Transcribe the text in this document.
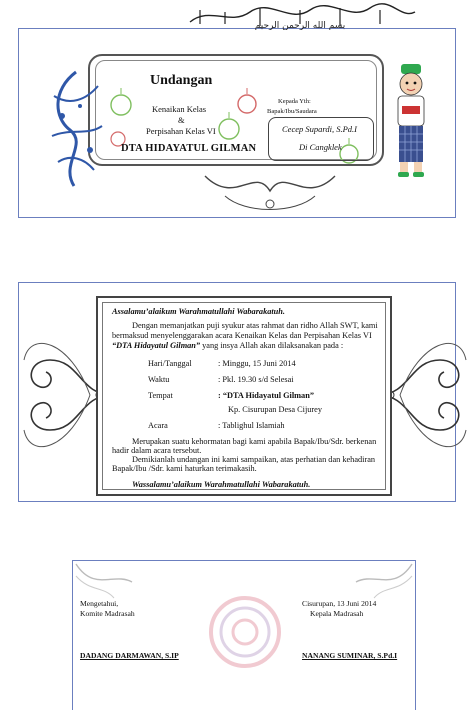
بسم الله الرحمن الرحيم
Undangan
Kenaikan Kelas
&
Perpisahan Kelas VI
DTA HIDAYATUL GILMAN
Kepada Yth:
Bapak/Ibu/Saudara
Cecep Supardi, S.Pd.I
Di Cangklek
Assalamu’alaikum Warahmatullahi Wabarakatuh.
Dengan memanjatkan puji syukur atas rahmat dan ridho Allah SWT, kami
bermaksud menyelenggarakan acara Kenaikan Kelas dan Perpisahan Kelas VI
“DTA Hidayatul Gilman” yang insya Allah akan dilaksanakan pada :
Hari/Tanggal	: Minggu, 15 Juni 2014
Waktu	: Pkl. 19.30 s/d Selesai
Tempat	: “DTA Hidayatul Gilman”
Kp. Cisurupan Desa Cijurey
Acara	: Tablighul Islamiah
Merupakan suatu kehormatan bagi kami apabila Bapak/Ibu/Sdr. berkenan
hadir dalam acara tersebut.
Demikianlah undangan ini kami sampaikan, atas perhatian dan kehadiran
Bapak/Ibu /Sdr. kami haturkan terimakasih.
Wassalamu’alaikum Warahmatullahi Wabarakatuh.
Mengetahui,
Komite Madrasah
Cisurupan, 13 Juni 2014
Kepala Madrasah
DADANG DARMAWAN, S.IP	NANANG SUMINAR, S.Pd.I
